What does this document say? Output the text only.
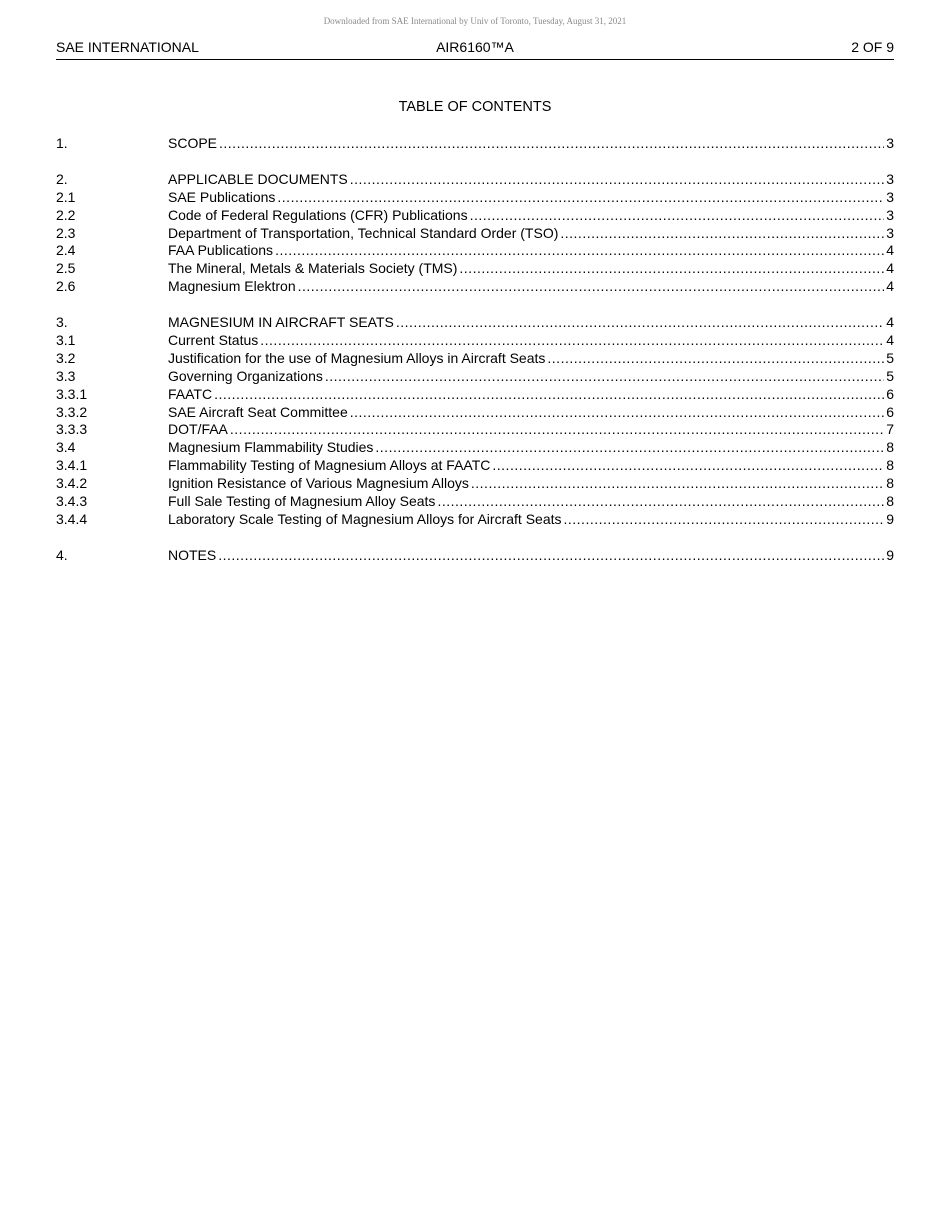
Downloaded from SAE International by Univ of Toronto, Tuesday, August 31, 2021
SAE INTERNATIONAL	AIR6160™A	2 OF 9
TABLE OF CONTENTS
1.	SCOPE .....	3
2.	APPLICABLE DOCUMENTS .....	3
2.1	SAE Publications .....	3
2.2	Code of Federal Regulations (CFR) Publications .....	3
2.3	Department of Transportation, Technical Standard Order (TSO) .....	3
2.4	FAA Publications .....	4
2.5	The Mineral, Metals & Materials Society (TMS) .....	4
2.6	Magnesium Elektron .....	4
3.	MAGNESIUM IN AIRCRAFT SEATS .....	4
3.1	Current Status .....	4
3.2	Justification for the use of Magnesium Alloys in Aircraft Seats .....	5
3.3	Governing Organizations .....	5
3.3.1	FAATC .....	6
3.3.2	SAE Aircraft Seat Committee .....	6
3.3.3	DOT/FAA .....	7
3.4	Magnesium Flammability Studies .....	8
3.4.1	Flammability Testing of Magnesium Alloys at FAATC .....	8
3.4.2	Ignition Resistance of Various Magnesium Alloys .....	8
3.4.3	Full Sale Testing of Magnesium Alloy Seats .....	8
3.4.4	Laboratory Scale Testing of Magnesium Alloys for Aircraft Seats .....	9
4.	NOTES .....	9
